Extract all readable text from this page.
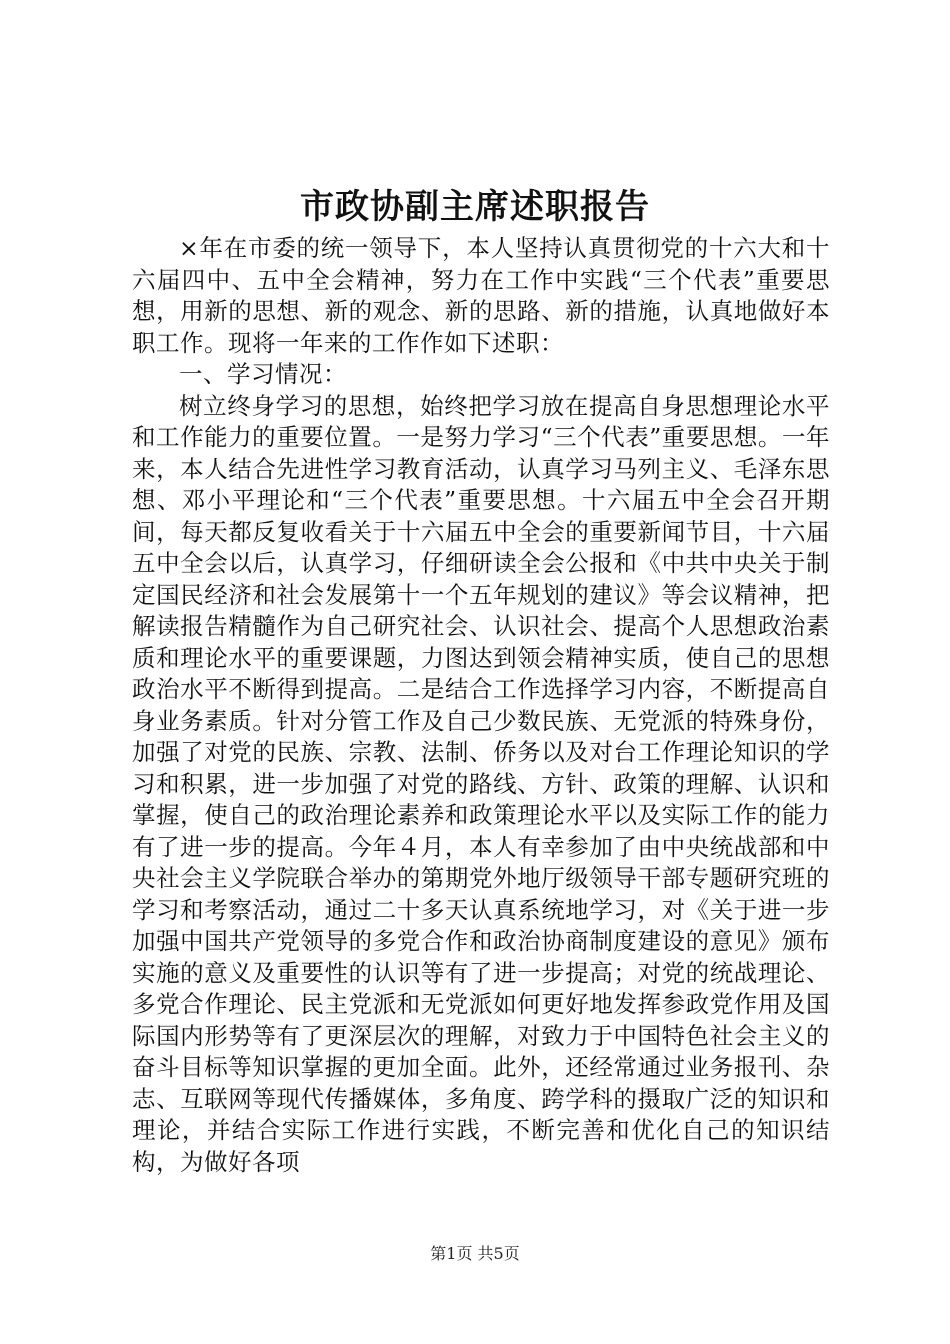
市政协副主席述职报告

×年在市委的统一领导下，本人坚持认真贯彻党的十六大和十六届四中、五中全会精神，努力在工作中实践“三个代表”重要思想，用新的思想、新的观念、新的思路、新的措施，认真地做好本职工作。现将一年来的工作作如下述职：

一、学习情况：

树立终身学习的思想，始终把学习放在提高自身思想理论水平和工作能力的重要位置。一是努力学习“三个代表”重要思想。一年来，本人结合先进性学习教育活动，认真学习马列主义、毛泽东思想、邓小平理论和“三个代表”重要思想。十六届五中全会召开期间，每天都反复收看关于十六届五中全会的重要新闻节目，十六届五中全会以后，认真学习，仔细研读全会公报和《中共中央关于制定国民经济和社会发展第十一个五年规划的建议》等会议精神，把解读报告精髓作为自己研究社会、认识社会、提高个人思想政治素质和理论水平的重要课题，力图达到领会精神实质，使自己的思想政治水平不断得到提高。二是结合工作选择学习内容，不断提高自身业务素质。针对分管工作及自己少数民族、无党派的特殊身份，加强了对党的民族、宗教、法制、侨务以及对台工作理论知识的学习和积累，进一步加强了对党的路线、方针、政策的理解、认识和掌握，使自己的政治理论素养和政策理论水平以及实际工作的能力有了进一步的提高。今年４月，本人有幸参加了由中央统战部和中央社会主义学院联合举办的第期党外地厅级领导干部专题研究班的学习和考察活动，通过二十多天认真系统地学习，对《关于进一步加强中国共产党领导的多党合作和政治协商制度建设的意见》颁布实施的意义及重要性的认识等有了进一步提高；对党的统战理论、多党合作理论、民主党派和无党派如何更好地发挥参政党作用及国际国内形势等有了更深层次的理解，对致力于中国特色社会主义的奋斗目标等知识掌握的更加全面。此外，还经常通过业务报刊、杂志、互联网等现代传播媒体，多角度、跨学科的摄取广泛的知识和理论，并结合实际工作进行实践，不断完善和优化自己的知识结构，为做好各项

第1页 共5页
